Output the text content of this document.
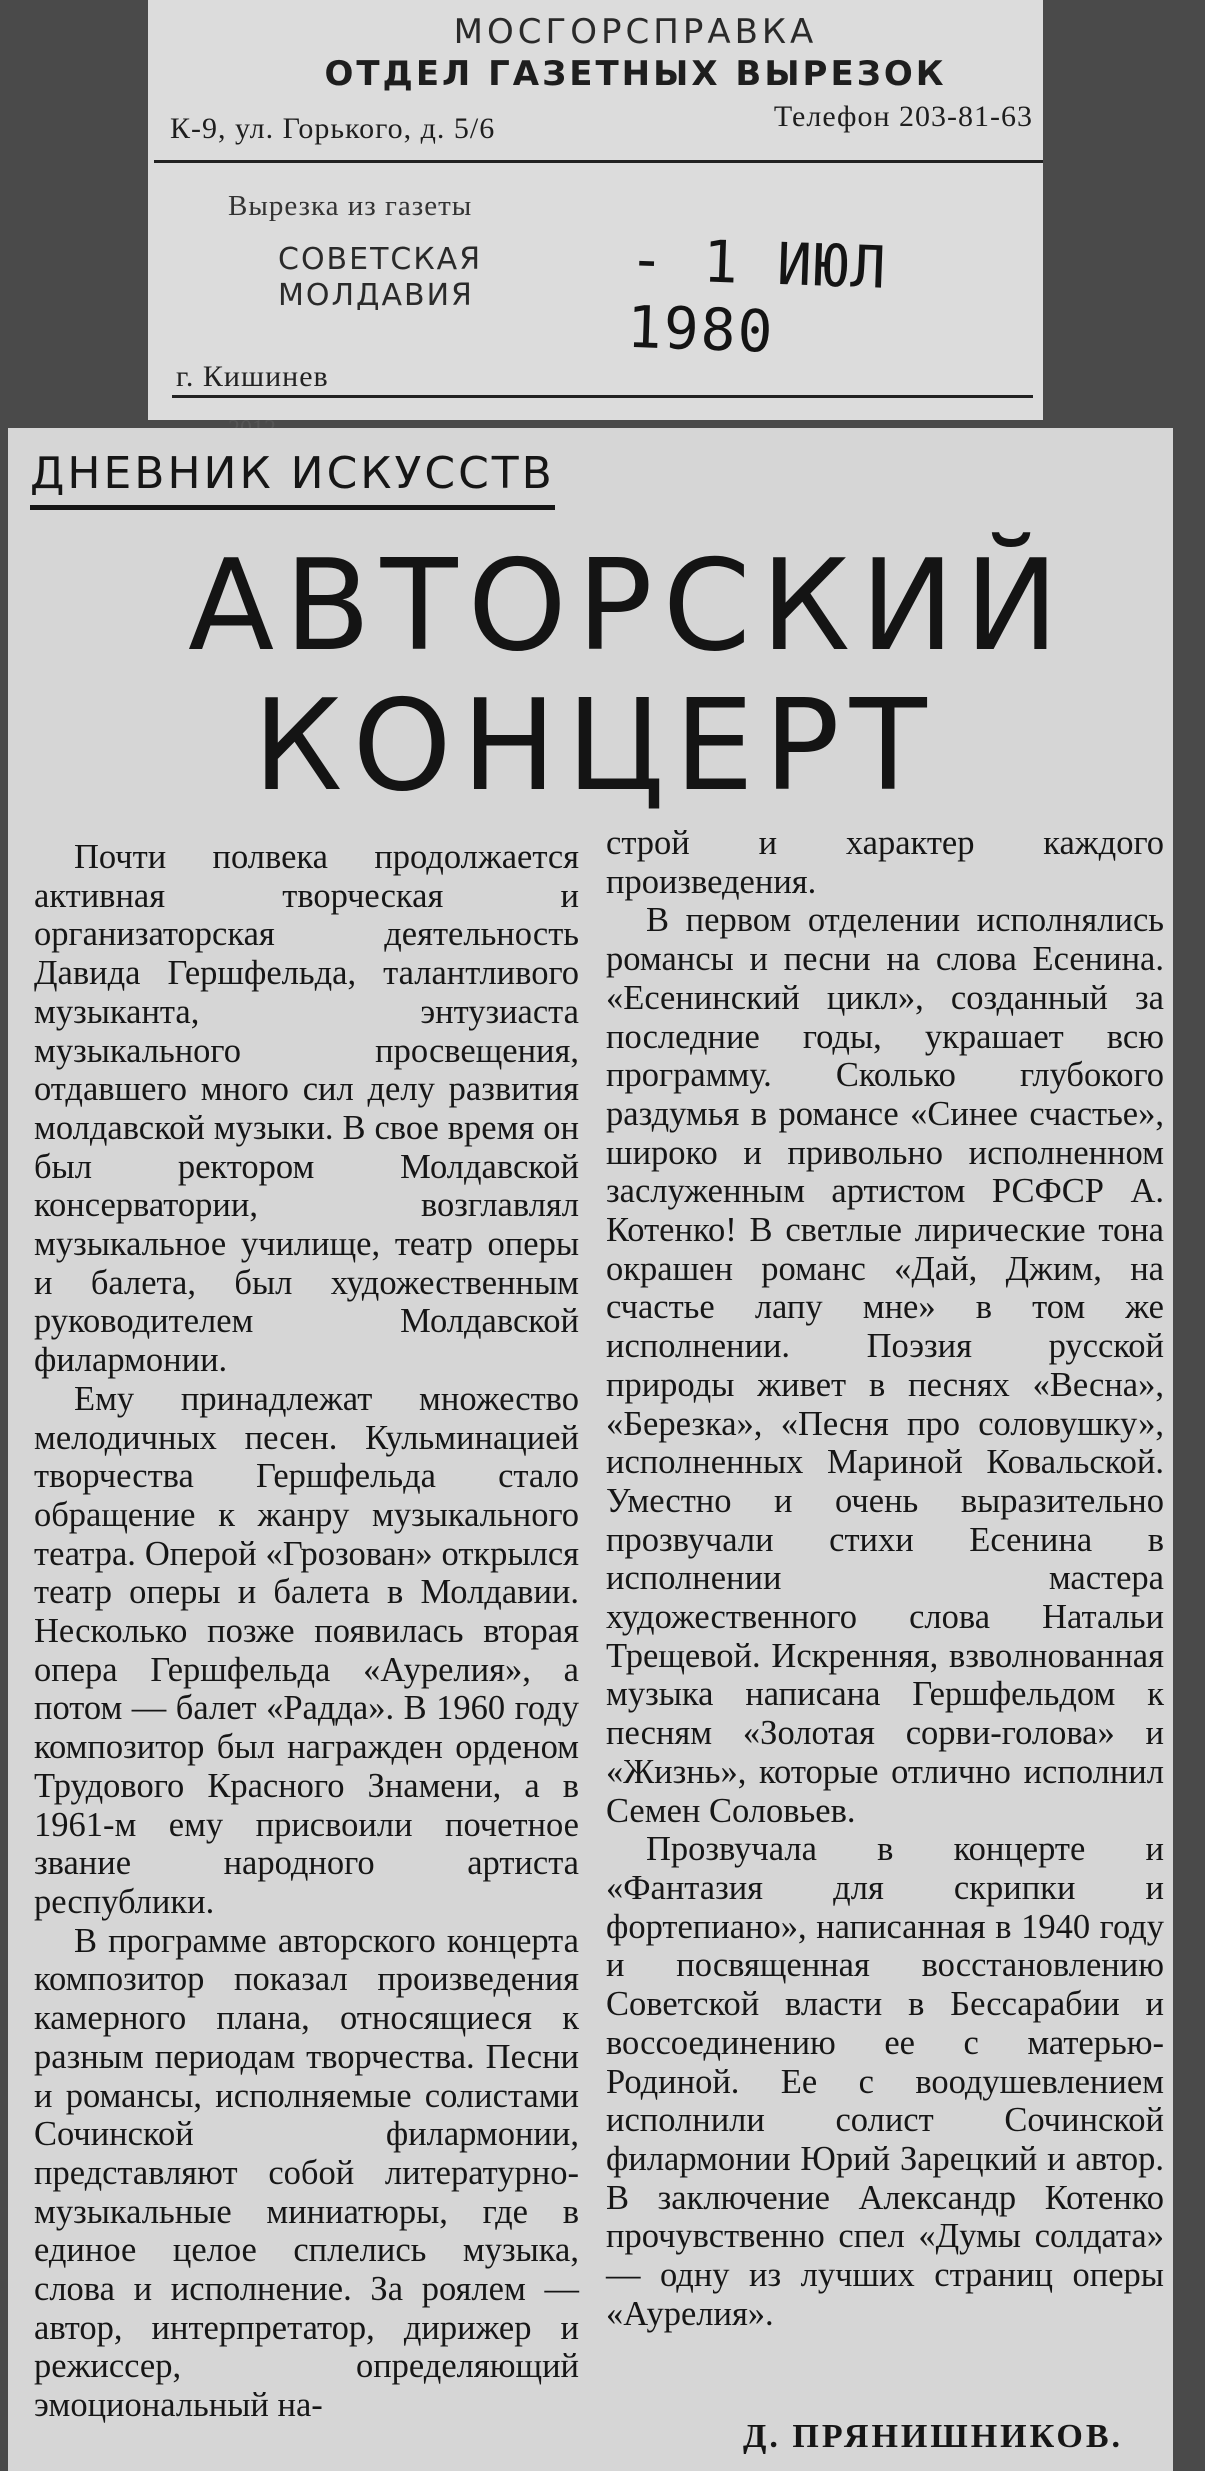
МОСГОРСПРАВКА
ОТДЕЛ ГАЗЕТНЫХ ВЫРЕЗОК
К-9, ул. Горького, д. 5/6	Телефон 203-81-63
Вырезка из газеты
СОВЕТСКАЯ
МОЛДАВИЯ	- 1 ИЮЛ 1980
г. Кишинев
ДНЕВНИК ИСКУССТВ
АВТОРСКИЙ
КОНЦЕРТ

Почти полвека продолжается активная творческая и организаторская деятельность Давида Гершфельда, талантливого музыканта, энтузиаста музыкального просвещения, отдавшего много сил делу развития молдавской музыки. В свое время он был ректором Молдавской консерватории, возглавлял музыкальное училище, театр оперы и балета, был художественным руководителем Молдавской филармонии.

Ему принадлежат множество мелодичных песен. Кульминацией творчества Гершфельда стало обращение к жанру музыкального театра. Оперой «Грозован» открылся театр оперы и балета в Молдавии. Несколько позже появилась вторая опера Гершфельда «Аурелия», а потом — балет «Радда». В 1960 году композитор был награжден орденом Трудового Красного Знамени, а в 1961-м ему присвоили почетное звание народного артиста республики.

В программе авторского концерта композитор показал произведения камерного плана, относящиеся к разным периодам творчества. Песни и романсы, исполняемые солистами Сочинской филармонии, представляют собой литературно-музыкальные миниатюры, где в единое целое сплелись музыка, слова и исполнение. За роялем — автор, интерпретатор, дирижер и режиссер, определяющий эмоциональный на-

строй и характер каждого произведения.

В первом отделении исполнялись романсы и песни на слова Есенина. «Есенинский цикл», созданный за последние годы, украшает всю программу. Сколько глубокого раздумья в романсе «Синее счастье», широко и привольно исполненном заслуженным артистом РСФСР А. Котенко! В светлые лирические тона окрашен романс «Дай, Джим, на счастье лапу мне» в том же исполнении. Поэзия русской природы живет в песнях «Весна», «Березка», «Песня про соловушку», исполненных Мариной Ковальской. Уместно и очень выразительно прозвучали стихи Есенина в исполнении мастера художественного слова Натальи Трещевой. Искренняя, взволнованная музыка написана Гершфельдом к песням «Золотая сорви-голова» и «Жизнь», которые отлично исполнил Семен Соловьев.

Прозвучала в концерте и «Фантазия для скрипки и фортепиано», написанная в 1940 году и посвященная восстановлению Советской власти в Бессарабии и воссоединению ее с матерью-Родиной. Ее с воодушевлением исполнили солист Сочинской филармонии Юрий Зарецкий и автор. В заключение Александр Котенко прочувственно спел «Думы солдата» — одну из лучших страниц оперы «Аурелия».

Д. ПРЯНИШНИКОВ.
